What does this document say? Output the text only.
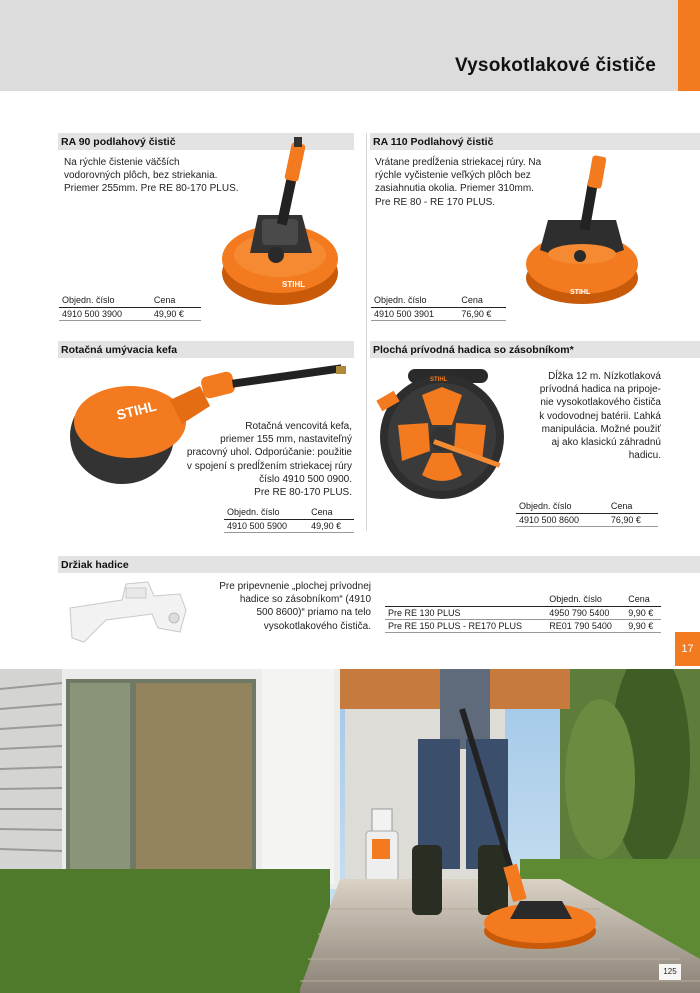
Vysokotlakové čističe
RA 90 podlahový čistič
Na rýchle čistenie väčších
vodorovných plôch, bez striekania.
Priemer 255mm. Pre RE 80-170 PLUS.
STIHL
Objedn. číslo	Cena
4910 500 3900	49,90 €
RA 110 Podlahový čistič
Vrátane predĺženia striekacej rúry. Na
rýchle vyčistenie veľkých plôch bez
zasiahnutia okolia. Priemer 310mm.
Pre RE 80 - RE 170 PLUS.
STIHL
Objedn. číslo	Cena
4910 500 3901	76,90 €
Rotačná umývacia kefa
STIHL
Rotačná vencovitá kefa,
priemer 155 mm, nastaviteľný
pracovný uhol. Odporúčanie: použitie
v spojení s predĺžením striekacej rúry
číslo 4910 500 0900.
Pre RE 80-170 PLUS.
Objedn. číslo	Cena
4910 500 5900	49,90 €
Plochá prívodná hadica so zásobníkom*
STIHL	Dĺžka 12 m. Nízkotlaková
prívodná hadica na pripoje-
nie vysokotlakového čističa
k vodovodnej batérii. Ľahká
manipulácia. Možné použiť
aj ako klasickú záhradnú
hadicu.
Objedn. číslo	Cena
4910 500 8600	76,90 €
Držiak hadice
Pre pripevnenie „plochej prívodnej
hadice so zásobníkom“ (4910
500 8600)“ priamo na telo
vysokotlakového čističa.
	Objedn. číslo	Cena
Pre RE 130 PLUS	4950 790 5400	9,90 €
Pre RE 150 PLUS - RE170 PLUS	RE01 790 5400	9,90 €
17
125
